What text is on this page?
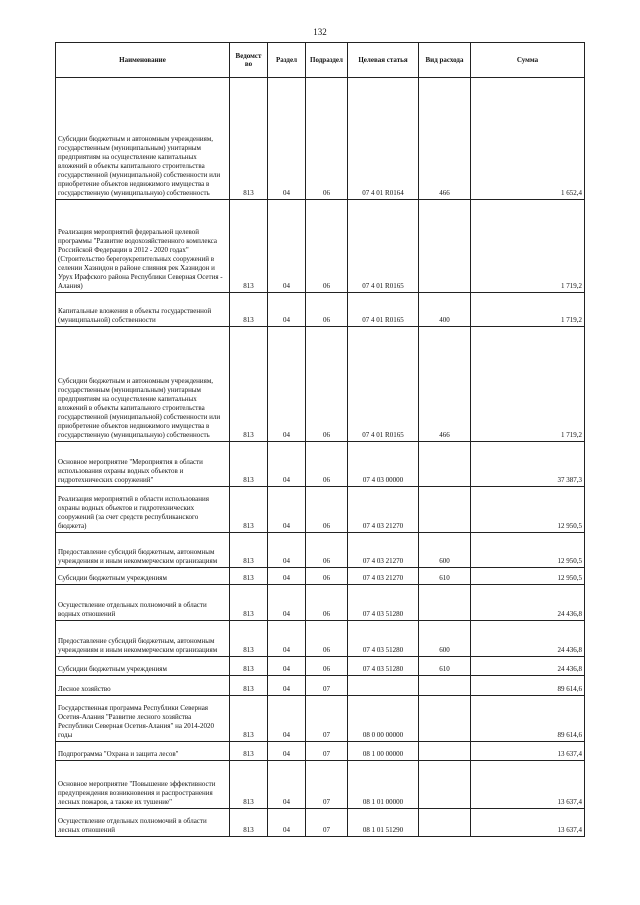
132
Наименование	Ведомст во	Раздел	Подраздел	Целевая статья	Вид расхода	Сумма
Субсидии бюджетным и автономным учреждениям, государственным (муниципальным) унитарным предприятиям на осуществление капитальных вложений в объекты капитального строительства государственной (муниципальной) собственности или приобретение объектов недвижимого имущества в государственную (муниципальную) собственность	813	04	06	07 4 01 R0164	466	1 652,4
Реализация мероприятий федеральной целевой программы "Развитие водохозяйственного комплекса Российской Федерации в 2012 - 2020 годах" (Строительство берегоукрепительных сооружений в селении Хазнидон в районе слияния рек Хазнидон и Урух Ирафского района Республики Северная Осетия - Алания)	813	04	06	07 4 01 R0165		1 719,2
Капитальные вложения в объекты государственной (муниципальной) собственности	813	04	06	07 4 01 R0165	400	1 719,2
Субсидии бюджетным и автономным учреждениям, государственным (муниципальным) унитарным предприятиям на осуществление капитальных вложений в объекты капитального строительства государственной (муниципальной) собственности или приобретение объектов недвижимого имущества в государственную (муниципальную) собственность	813	04	06	07 4 01 R0165	466	1 719,2
Основное мероприятие "Мероприятия в области использования охраны водных объектов и гидротехнических сооружений"	813	04	06	07 4 03 00000		37 387,3
Реализация мероприятий в области использования охраны водных объектов и гидротехнических сооружений (за счет средств республиканского бюджета)	813	04	06	07 4 03 21270		12 950,5
Предоставление субсидий бюджетным, автономным учреждениям и иным некоммерческим организациям	813	04	06	07 4 03 21270	600	12 950,5
Субсидии бюджетным учреждениям	813	04	06	07 4 03 21270	610	12 950,5
Осуществление отдельных полномочий в области водных отношений	813	04	06	07 4 03 51280		24 436,8
Предоставление субсидий бюджетным, автономным учреждениям и иным некоммерческим организациям	813	04	06	07 4 03 51280	600	24 436,8
Субсидии бюджетным учреждениям	813	04	06	07 4 03 51280	610	24 436,8
Лесное хозяйство	813	04	07			89 614,6
Государственная программа Республики Северная Осетия-Алания "Развитие лесного хозяйства Республики Северная Осетия-Алания" на 2014-2020 годы	813	04	07	08 0 00 00000		89 614,6
Подпрограмма "Охрана и защита лесов"	813	04	07	08 1 00 00000		13 637,4
Основное мероприятие "Повышение эффективности предупреждения возникновения и распространения лесных пожаров, а также их тушение"	813	04	07	08 1 01 00000		13 637,4
Осуществление отдельных полномочий в области лесных отношений	813	04	07	08 1 01 51290		13 637,4
